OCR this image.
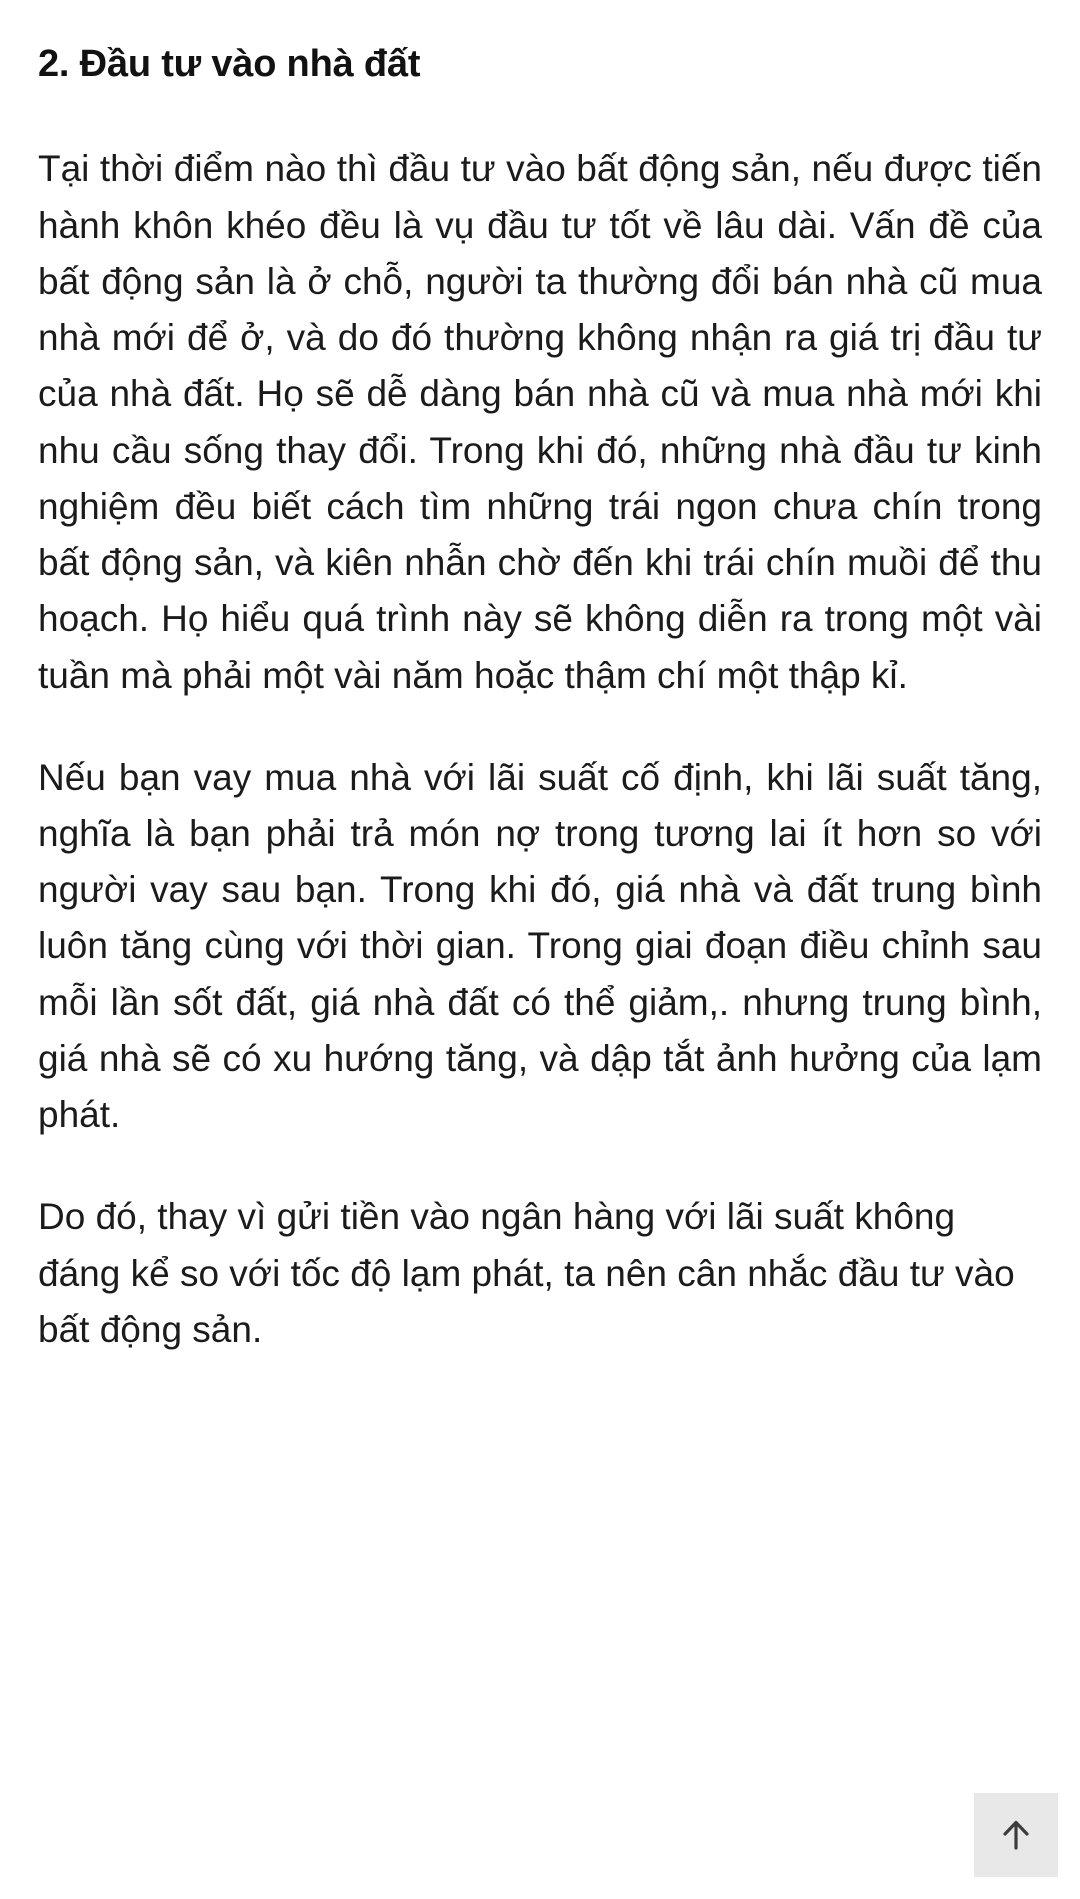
2. Đầu tư vào nhà đất

Tại thời điểm nào thì đầu tư vào bất động sản, nếu được tiến hành khôn khéo đều là vụ đầu tư tốt về lâu dài. Vấn đề của bất động sản là ở chỗ, người ta thường đổi bán nhà cũ mua nhà mới để ở, và do đó thường không nhận ra giá trị đầu tư của nhà đất. Họ sẽ dễ dàng bán nhà cũ và mua nhà mới khi nhu cầu sống thay đổi. Trong khi đó, những nhà đầu tư kinh nghiệm đều biết cách tìm những trái ngon chưa chín trong bất động sản, và kiên nhẫn chờ đến khi trái chín muồi để thu hoạch. Họ hiểu quá trình này sẽ không diễn ra trong một vài tuần mà phải một vài năm hoặc thậm chí một thập kỉ.

Nếu bạn vay mua nhà với lãi suất cố định, khi lãi suất tăng, nghĩa là bạn phải trả món nợ trong tương lai ít hơn so với người vay sau bạn. Trong khi đó, giá nhà và đất trung bình luôn tăng cùng với thời gian. Trong giai đoạn điều chỉnh sau mỗi lần sốt đất, giá nhà đất có thể giảm,. nhưng trung bình, giá nhà sẽ có xu hướng tăng, và dập tắt ảnh hưởng của lạm phát.

Do đó, thay vì gửi tiền vào ngân hàng với lãi suất không đáng kể so với tốc độ lạm phát, ta nên cân nhắc đầu tư vào bất động sản.
